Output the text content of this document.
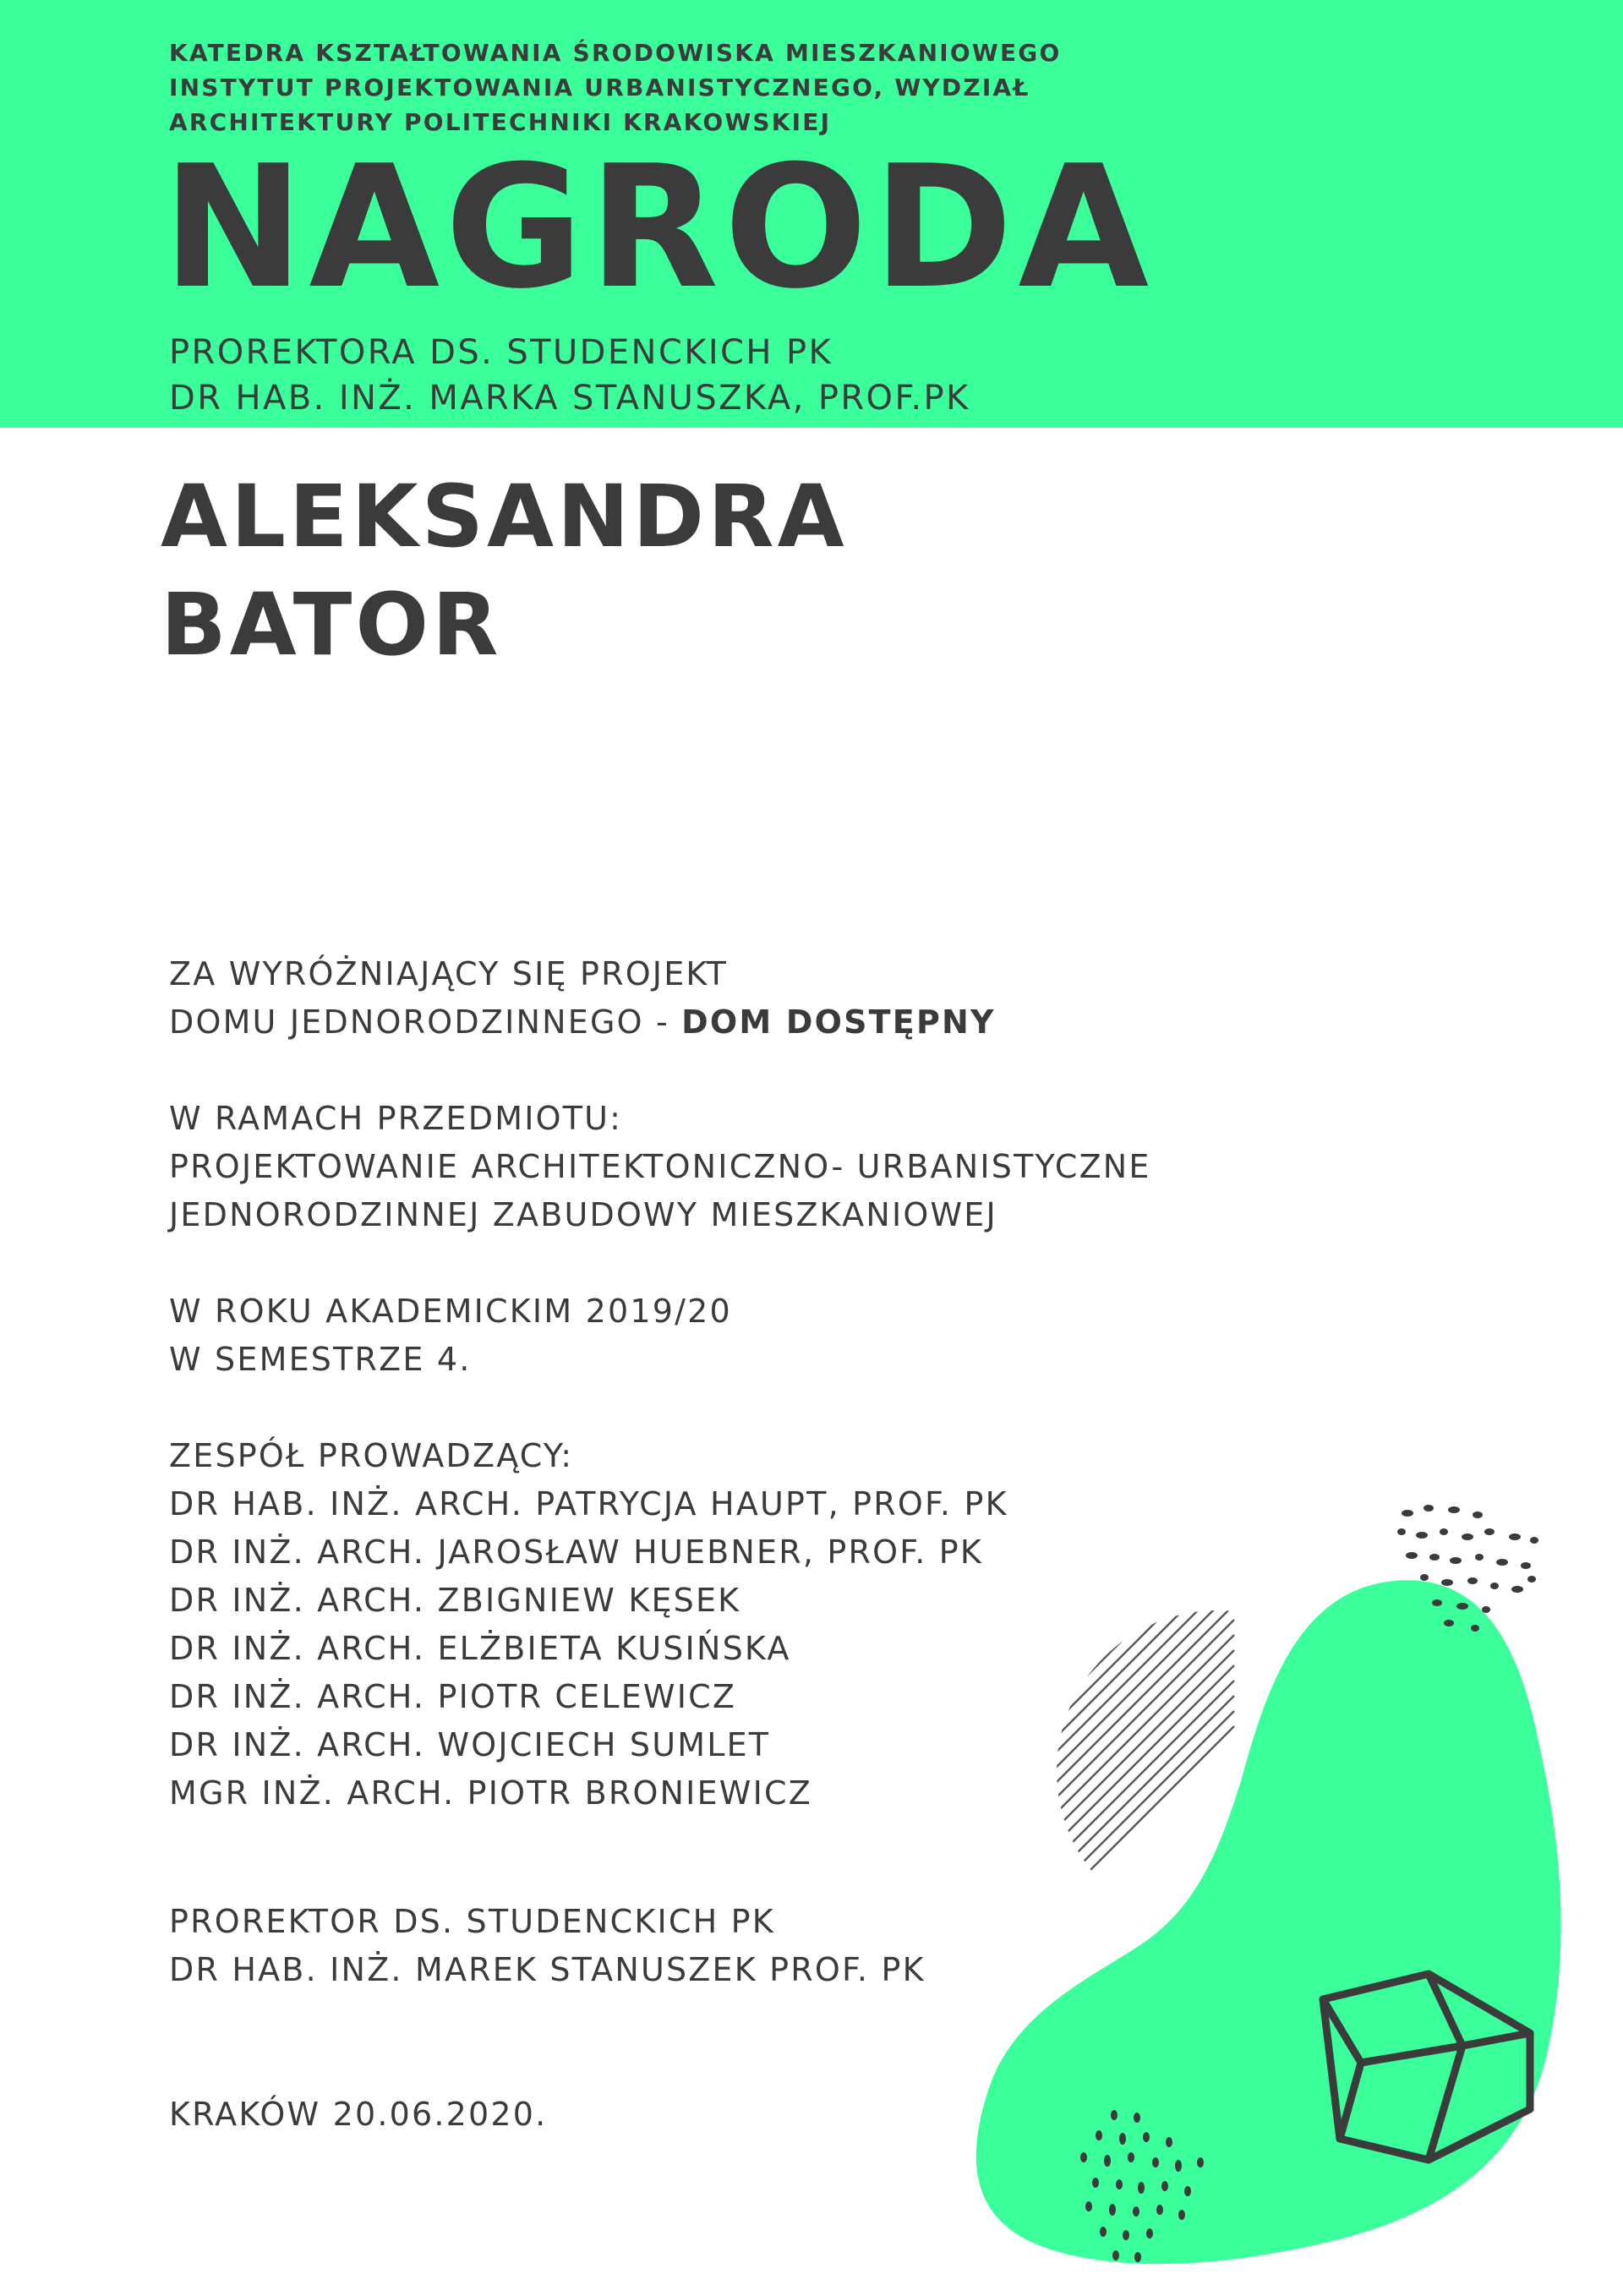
KATEDRA KSZTAŁTOWANIA ŚRODOWISKA MIESZKANIOWEGO
INSTYTUT PROJEKTOWANIA URBANISTYCZNEGO, WYDZIAŁ
ARCHITEKTURY POLITECHNIKI KRAKOWSKIEJ
NAGRODA
PROREKTORA DS. STUDENCKICH PK
DR HAB. INŻ. MARKA STANUSZKA, PROF.PK
ALEKSANDRA
BATOR
ZA WYRÓŻNIAJĄCY SIĘ PROJEKT
DOMU JEDNORODZINNEGO - DOM DOSTĘPNY
W RAMACH PRZEDMIOTU:
PROJEKTOWANIE ARCHITEKTONICZNO- URBANISTYCZNE
JEDNORODZINNEJ ZABUDOWY MIESZKANIOWEJ
W ROKU AKADEMICKIM 2019/20
W SEMESTRZE 4.
ZESPÓŁ PROWADZĄCY:
DR HAB. INŻ. ARCH. PATRYCJA HAUPT, PROF. PK
DR INŻ. ARCH. JAROSŁAW HUEBNER, PROF. PK
DR INŻ. ARCH. ZBIGNIEW KĘSEK
DR INŻ. ARCH. ELŻBIETA KUSIŃSKA
DR INŻ. ARCH. PIOTR CELEWICZ
DR INŻ. ARCH. WOJCIECH SUMLET
MGR INŻ. ARCH. PIOTR BRONIEWICZ
PROREKTOR DS. STUDENCKICH PK
DR HAB. INŻ. MAREK STANUSZEK PROF. PK
KRAKÓW 20.06.2020.
